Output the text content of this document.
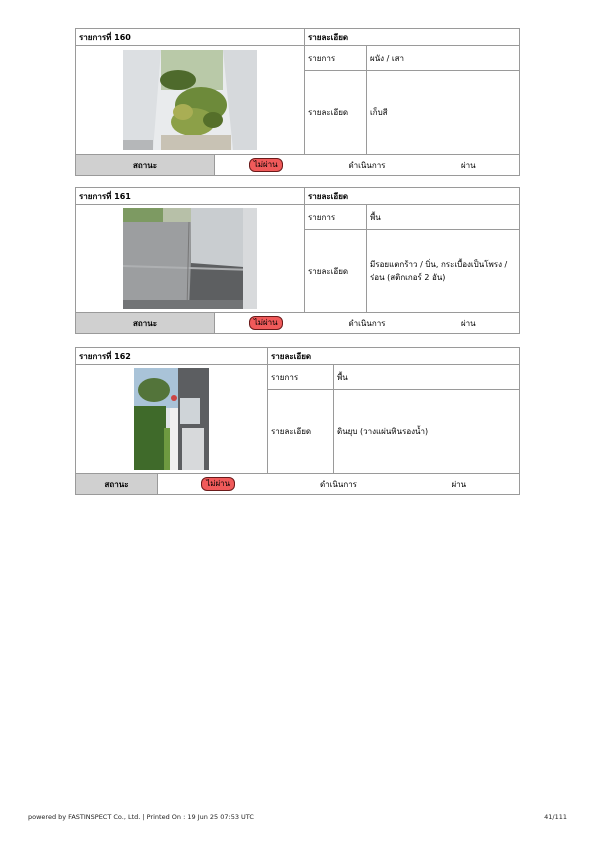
รายการที่ 160	รายละเอียด	
	รายการ	ผนัง / เสา
	รายละเอียด	เก็บสี
สถานะ	ไม่ผ่าน	ดำเนินการ	ผ่าน
รายการที่ 161	รายละเอียด	
	รายการ	พื้น
	รายละเอียด	มีรอยแตกร้าว / บิ่น, กระเบื้องเป็นโพรง / ร่อน (สติกเกอร์ 2 อัน)
สถานะ	ไม่ผ่าน	ดำเนินการ	ผ่าน
รายการที่ 162	รายละเอียด	
	รายการ	พื้น
	รายละเอียด	ดินยุบ (วางแผ่นหินรองน้ำ)
สถานะ	ไม่ผ่าน	ดำเนินการ	ผ่าน
powered by FASTINSPECT Co., Ltd. | Printed On : 19 Jun 25 07:53 UTC	41/111
